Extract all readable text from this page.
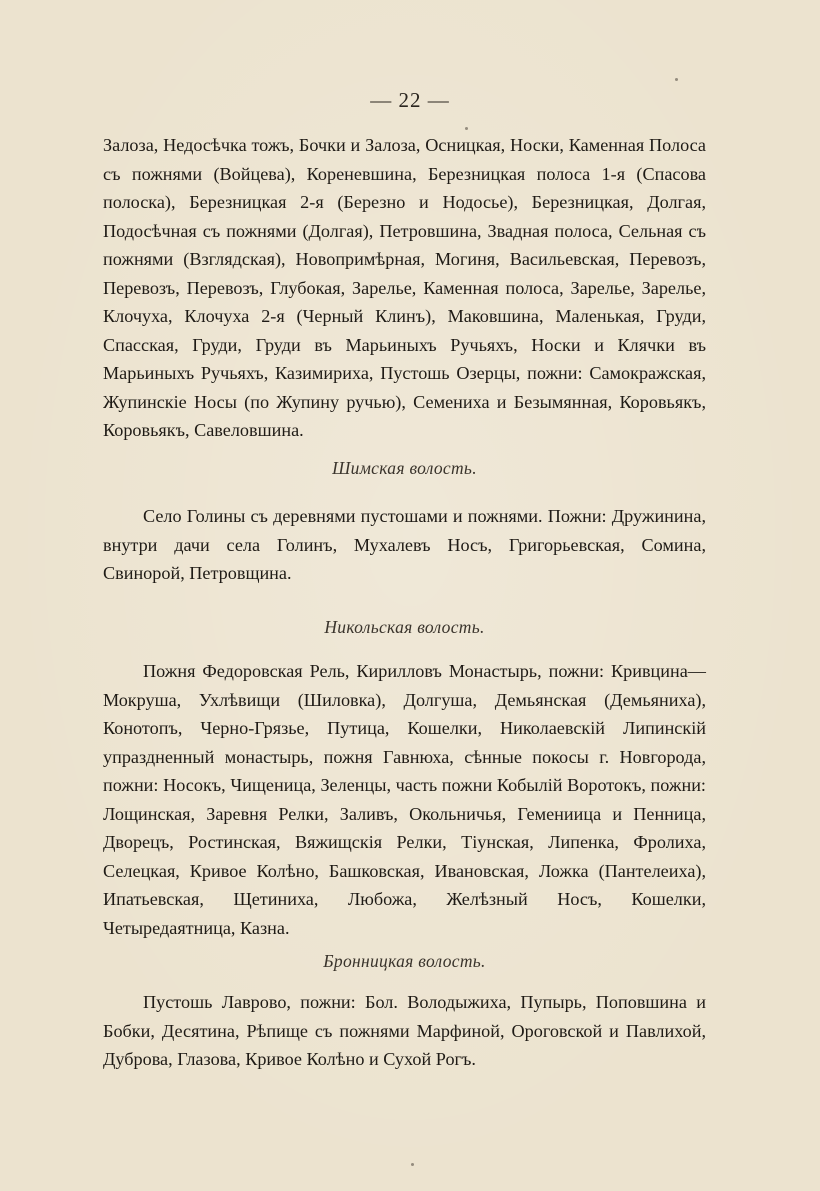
— 22 —

Залоза, Недосѣчка тожъ, Бочки и Залоза, Осницкая, Носки, Каменная Полоса съ пожнями (Войцева), Кореневшина, Березницкая полоса 1-я (Спасова полоска), Березницкая 2-я (Березно и Нодосье), Березницкая, Долгая, Подосѣчная съ пожнями (Долгая), Петровшина, Звадная полоса, Сельная съ пожнями (Взглядская), Новопримѣрная, Могиня, Васильевская, Перевозъ, Перевозъ, Перевозъ, Глубокая, Зарелье, Каменная полоса, Зарелье, Зарелье, Клочуха, Клочуха 2-я (Черный Клинъ), Маковшина, Маленькая, Груди, Спасская, Груди, Груди въ Марьиныхъ Ручьяхъ, Носки и Клячки въ Марьиныхъ Ручьяхъ, Казимириха, Пустошь Озерцы, пожни: Самокражская, Жупинскіе Носы (по Жупину ручью), Семениха и Безымянная, Коровьякъ, Коровьякъ, Савеловшина.

Шимская волость.

Село Голины съ деревнями пустошами и пожнями. Пожни: Дружинина, внутри дачи села Голинъ, Мухалевъ Носъ, Григорьевская, Сомина, Свинорой, Петровщина.

Никольская волость.

Пожня Федоровская Рель, Кирилловъ Монастырь, пожни: Кривцина—Мокруша, Ухлѣвищи (Шиловка), Долгуша, Демьянская (Демьяниха), Конотопъ, Черно-Грязье, Путица, Кошелки, Николаевскій Липинскій упраздненный монастырь, пожня Гавнюха, сѣнные покосы г. Новгорода, пожни: Носокъ, Чищеница, Зеленцы, часть пожни Кобылій Воротокъ, пожни: Лощинская, Заревня Релки, Заливъ, Окольничья, Гемениица и Пенница, Дворецъ, Ростинская, Вяжищскія Релки, Тіунская, Липенка, Фролиха, Селецкая, Кривое Колѣно, Башковская, Ивановская, Ложка (Пантелеиха), Ипатьевская, Щетиниха, Любожа, Желѣзный Носъ, Кошелки, Четыредаятница, Казна.

Бронницкая волость.

Пустошь Лаврово, пожни: Бол. Володыжиха, Пупырь, Поповшина и Бобки, Десятина, Рѣпище съ пожнями Марфиной, Ороговской и Павлихой, Дуброва, Глазова, Кривое Колѣно и Сухой Рогъ.
